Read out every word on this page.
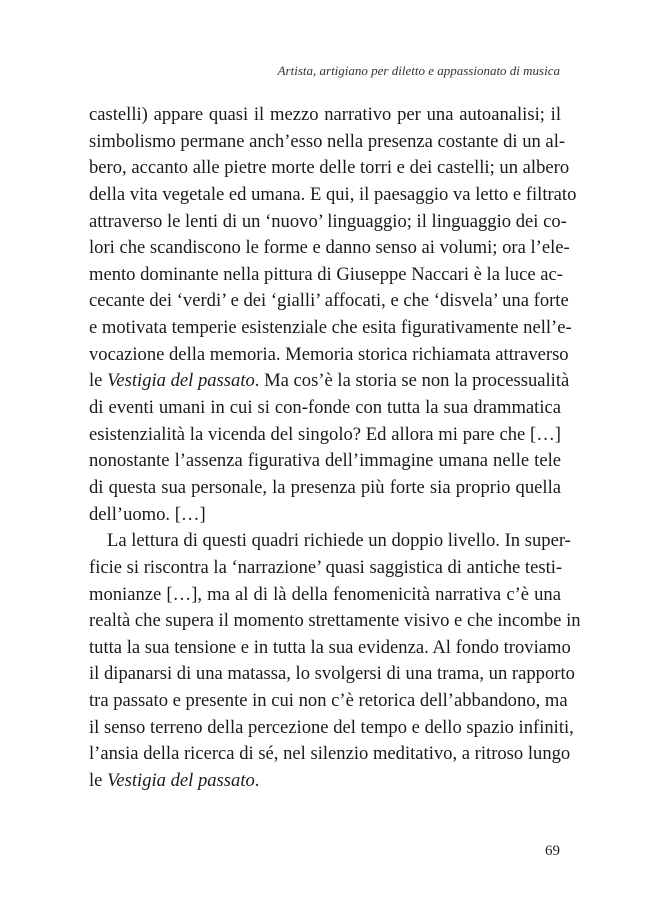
Artista, artigiano per diletto e appassionato di musica
castelli) appare quasi il mezzo narrativo per una autoanalisi; il
simbolismo permane anch’esso nella presenza costante di un al-
bero, accanto alle pietre morte delle torri e dei castelli; un albero
della vita vegetale ed umana. E qui, il paesaggio va letto e filtrato
attraverso le lenti di un ‘nuovo’ linguaggio; il linguaggio dei co-
lori che scandiscono le forme e danno senso ai volumi; ora l’ele-
mento dominante nella pittura di Giuseppe Naccari è la luce ac-
cecante dei ‘verdi’ e dei ‘gialli’ affocati, e che ‘disvela’ una forte
e motivata temperie esistenziale che esita figurativamente nell’e-
vocazione della memoria. Memoria storica richiamata attraverso
le Vestigia del passato. Ma cos’è la storia se non la processualità
di eventi umani in cui si con-fonde con tutta la sua drammatica
esistenzialità la vicenda del singolo? Ed allora mi pare che […]
nonostante l’assenza figurativa dell’immagine umana nelle tele
di questa sua personale, la presenza più forte sia proprio quella
dell’uomo. […]
La lettura di questi quadri richiede un doppio livello. In super-
ficie si riscontra la ‘narrazione’ quasi saggistica di antiche testi-
monianze […], ma al di là della fenomenicità narrativa c’è una
realtà che supera il momento strettamente visivo e che incombe in
tutta la sua tensione e in tutta la sua evidenza. Al fondo troviamo
il dipanarsi di una matassa, lo svolgersi di una trama, un rapporto
tra passato e presente in cui non c’è retorica dell’abbandono, ma
il senso terreno della percezione del tempo e dello spazio infiniti,
l’ansia della ricerca di sé, nel silenzio meditativo, a ritroso lungo
le Vestigia del passato.
69
